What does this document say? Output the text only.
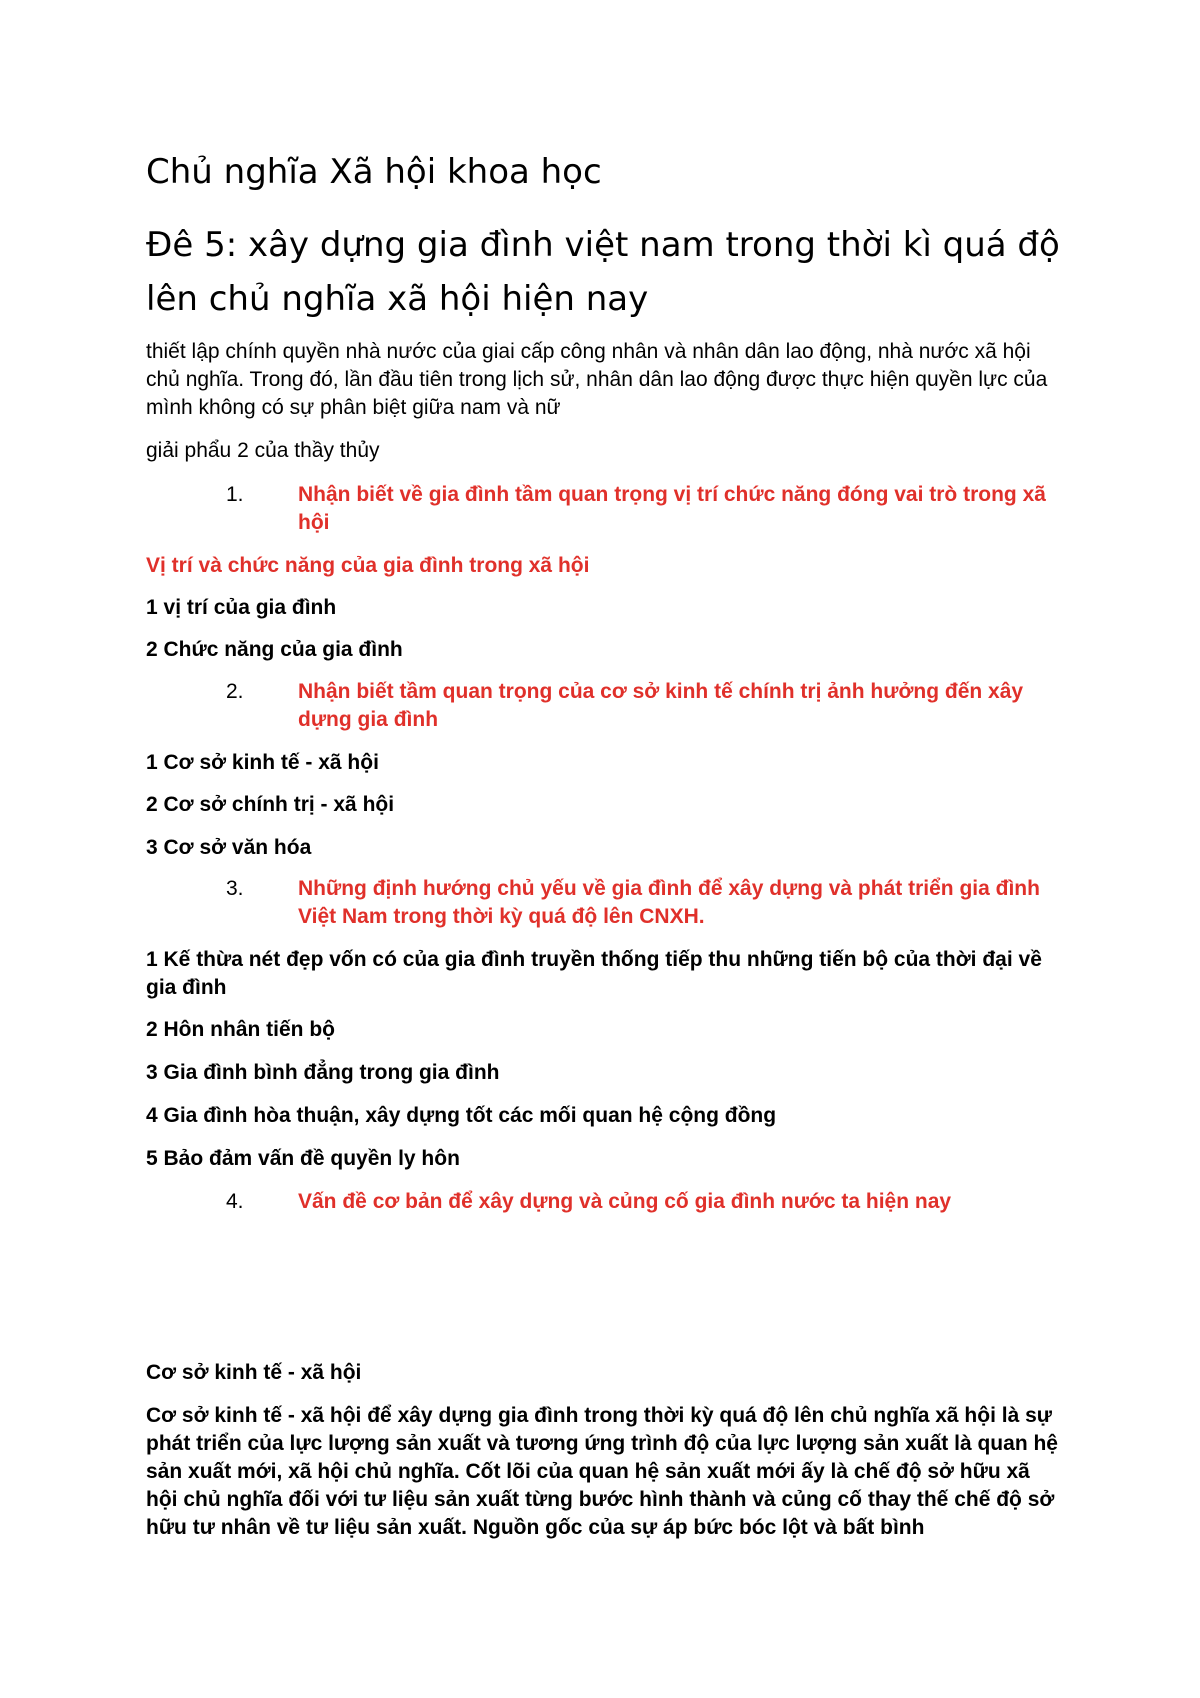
Chủ nghĩa Xã hội khoa học
Đê 5: xây dựng gia đình việt nam trong thời kì quá độ lên chủ nghĩa xã hội hiện nay

thiết lập chính quyền nhà nước của giai cấp công nhân và nhân dân lao động, nhà nước xã hội chủ nghĩa. Trong đó, lần đầu tiên trong lịch sử, nhân dân lao động được thực hiện quyền lực của mình không có sự phân biệt giữa nam và nữ

giải phẩu 2 của thầy thủy

1.	Nhận biết về gia đình tầm quan trọng vị trí chức năng đóng vai trò trong xã hội

Vị trí và chức năng của gia đình trong xã hội

1 vị trí của gia đình

2 Chức năng của gia đình

2.	Nhận biết tầm quan trọng của cơ sở kinh tế chính trị ảnh hưởng đến xây dựng gia đình

1 Cơ sở kinh tế - xã hội

2 Cơ sở chính trị - xã hội

3 Cơ sở văn hóa

3.	Những định hướng chủ yếu về gia đình để xây dựng và phát triển gia đình Việt Nam trong thời kỳ quá độ lên CNXH.

1 Kế thừa nét đẹp vốn có của gia đình truyền thống tiếp thu những tiến bộ của thời đại về gia đình

2 Hôn nhân tiến bộ

3 Gia đình bình đẳng trong gia đình

4 Gia đình hòa thuận, xây dựng tốt các mối quan hệ cộng đồng

5 Bảo đảm vấn đề quyền ly hôn

4.	Vấn đề cơ bản để xây dựng và củng cố gia đình nước ta hiện nay

Cơ sở kinh tế - xã hội

Cơ sở kinh tế - xã hội để xây dựng gia đình trong thời kỳ quá độ lên chủ nghĩa xã hội là sự phát triển của lực lượng sản xuất và tương ứng trình độ của lực lượng sản xuất là quan hệ sản xuất mới, xã hội chủ nghĩa. Cốt lõi của quan hệ sản xuất mới ấy là chế độ sở hữu xã hội chủ nghĩa đối với tư liệu sản xuất từng bước hình thành và củng cố thay thế chế độ sở hữu tư nhân về tư liệu sản xuất. Nguồn gốc của sự áp bức bóc lột và bất bình
